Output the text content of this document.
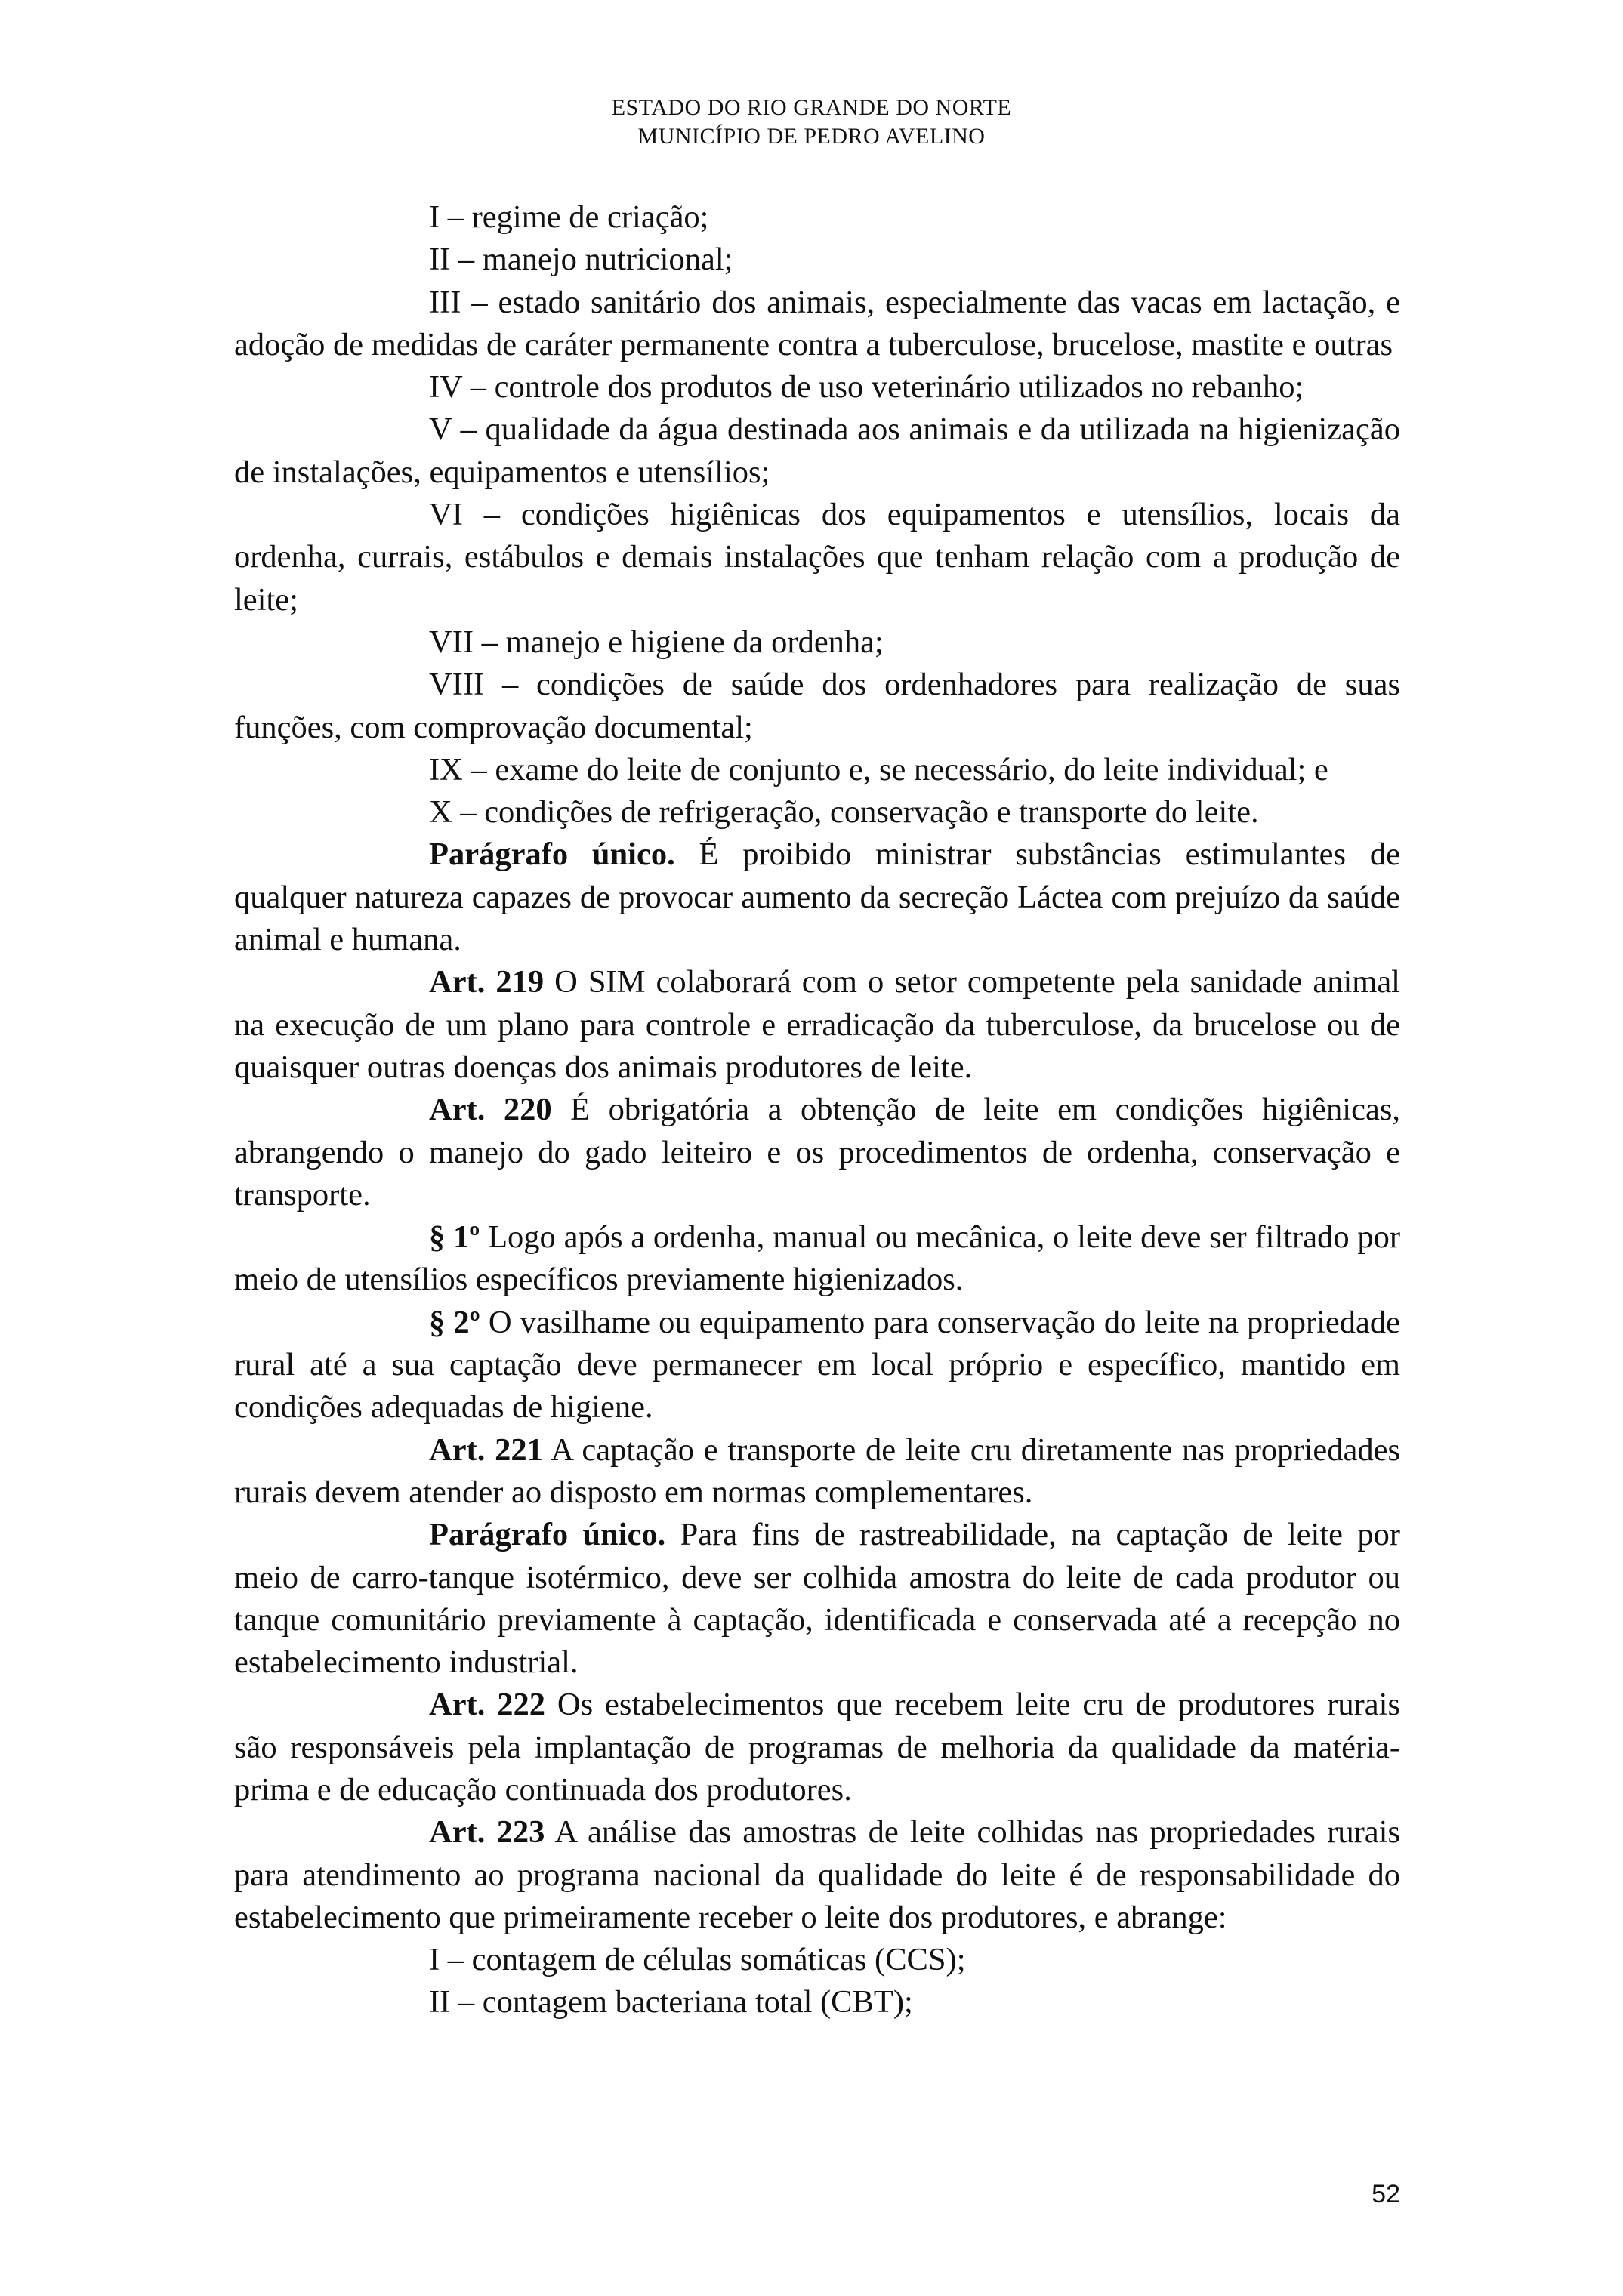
ESTADO DO RIO GRANDE DO NORTE
MUNICÍPIO DE PEDRO AVELINO

I – regime de criação;

II – manejo nutricional;

III – estado sanitário dos animais, especialmente das vacas em lactação, e adoção de medidas de caráter permanente contra a tuberculose, brucelose, mastite e outras

IV – controle dos produtos de uso veterinário utilizados no rebanho;

V – qualidade da água destinada aos animais e da utilizada na higienização de instalações, equipamentos e utensílios;

VI – condições higiênicas dos equipamentos e utensílios, locais da ordenha, currais, estábulos e demais instalações que tenham relação com a produção de leite;

VII – manejo e higiene da ordenha;

VIII – condições de saúde dos ordenhadores para realização de suas funções, com comprovação documental;

IX – exame do leite de conjunto e, se necessário, do leite individual; e

X – condições de refrigeração, conservação e transporte do leite.

Parágrafo único. É proibido ministrar substâncias estimulantes de qualquer natureza capazes de provocar aumento da secreção Láctea com prejuízo da saúde animal e humana.

Art. 219 O SIM colaborará com o setor competente pela sanidade animal na execução de um plano para controle e erradicação da tuberculose, da brucelose ou de quaisquer outras doenças dos animais produtores de leite.

Art. 220 É obrigatória a obtenção de leite em condições higiênicas, abrangendo o manejo do gado leiteiro e os procedimentos de ordenha, conservação e transporte.

§ 1º Logo após a ordenha, manual ou mecânica, o leite deve ser filtrado por meio de utensílios específicos previamente higienizados.

§ 2º O vasilhame ou equipamento para conservação do leite na propriedade rural até a sua captação deve permanecer em local próprio e específico, mantido em condições adequadas de higiene.

Art. 221 A captação e transporte de leite cru diretamente nas propriedades rurais devem atender ao disposto em normas complementares.

Parágrafo único. Para fins de rastreabilidade, na captação de leite por meio de carro-tanque isotérmico, deve ser colhida amostra do leite de cada produtor ou tanque comunitário previamente à captação, identificada e conservada até a recepção no estabelecimento industrial.

Art. 222 Os estabelecimentos que recebem leite cru de produtores rurais são responsáveis pela implantação de programas de melhoria da qualidade da matéria-prima e de educação continuada dos produtores.

Art. 223 A análise das amostras de leite colhidas nas propriedades rurais para atendimento ao programa nacional da qualidade do leite é de responsabilidade do estabelecimento que primeiramente receber o leite dos produtores, e abrange:

I – contagem de células somáticas (CCS);

II – contagem bacteriana total (CBT);

52
